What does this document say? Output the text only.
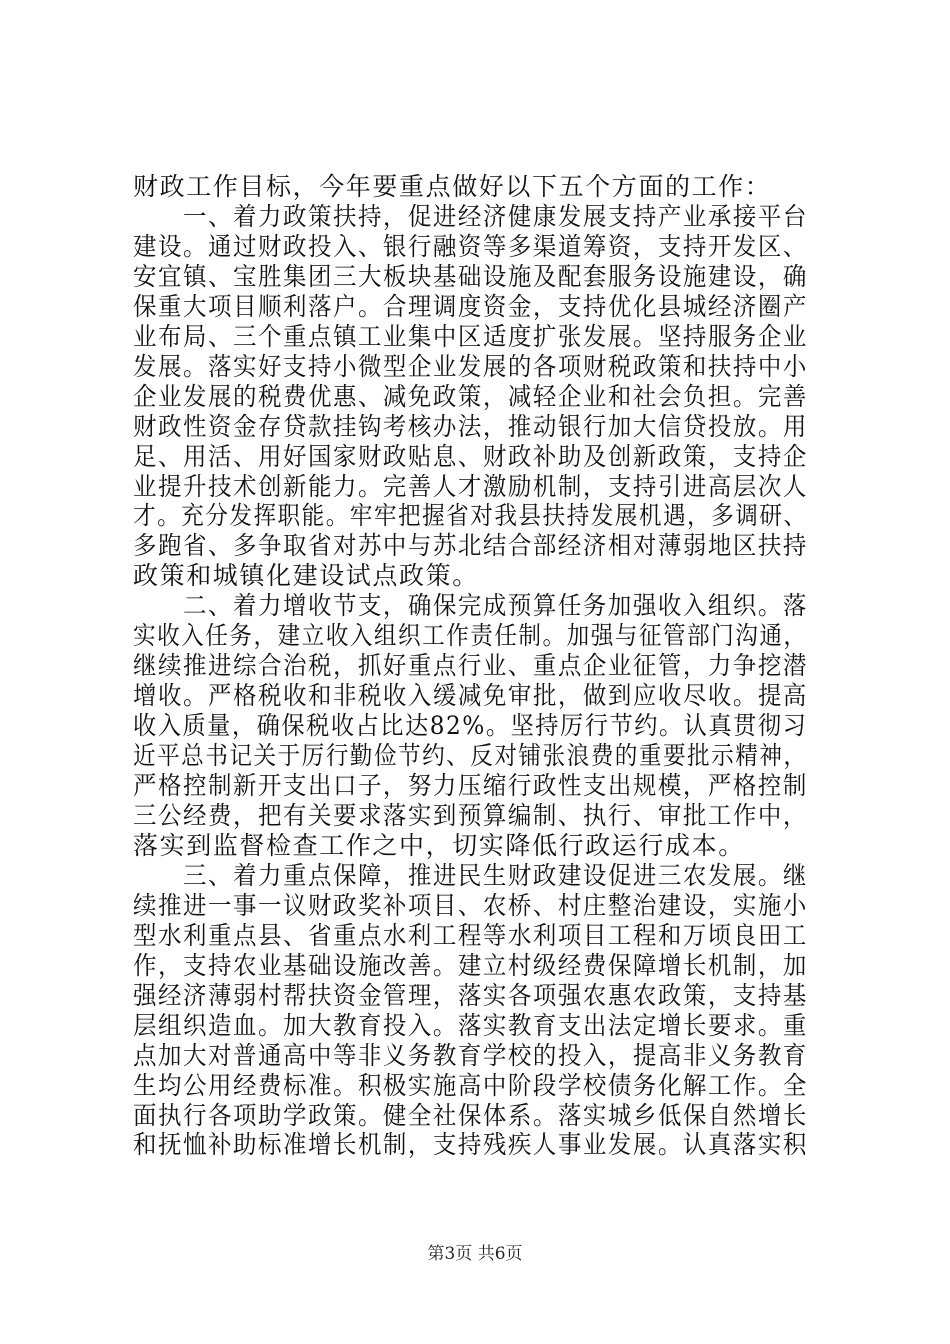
财政工作目标，今年要重点做好以下五个方面的工作：
　　一、着力政策扶持，促进经济健康发展支持产业承接平台
建设。通过财政投入、银行融资等多渠道筹资，支持开发区、
安宜镇、宝胜集团三大板块基础设施及配套服务设施建设，确
保重大项目顺利落户。合理调度资金，支持优化县城经济圈产
业布局、三个重点镇工业集中区适度扩张发展。坚持服务企业
发展。落实好支持小微型企业发展的各项财税政策和扶持中小
企业发展的税费优惠、减免政策，减轻企业和社会负担。完善
财政性资金存贷款挂钩考核办法，推动银行加大信贷投放。用
足、用活、用好国家财政贴息、财政补助及创新政策，支持企
业提升技术创新能力。完善人才激励机制，支持引进高层次人
才。充分发挥职能。牢牢把握省对我县扶持发展机遇，多调研、
多跑省、多争取省对苏中与苏北结合部经济相对薄弱地区扶持
政策和城镇化建设试点政策。
　　二、着力增收节支，确保完成预算任务加强收入组织。落
实收入任务，建立收入组织工作责任制。加强与征管部门沟通，
继续推进综合治税，抓好重点行业、重点企业征管，力争挖潜
增收。严格税收和非税收入缓减免审批，做到应收尽收。提高
收入质量，确保税收占比达82%。坚持厉行节约。认真贯彻习
近平总书记关于厉行勤俭节约、反对铺张浪费的重要批示精神，
严格控制新开支出口子，努力压缩行政性支出规模，严格控制
三公经费，把有关要求落实到预算编制、执行、审批工作中，
落实到监督检查工作之中，切实降低行政运行成本。
　　三、着力重点保障，推进民生财政建设促进三农发展。继
续推进一事一议财政奖补项目、农桥、村庄整治建设，实施小
型水利重点县、省重点水利工程等水利项目工程和万顷良田工
作，支持农业基础设施改善。建立村级经费保障增长机制，加
强经济薄弱村帮扶资金管理，落实各项强农惠农政策，支持基
层组织造血。加大教育投入。落实教育支出法定增长要求。重
点加大对普通高中等非义务教育学校的投入，提高非义务教育
生均公用经费标准。积极实施高中阶段学校债务化解工作。全
面执行各项助学政策。健全社保体系。落实城乡低保自然增长
和抚恤补助标准增长机制，支持残疾人事业发展。认真落实积
第3页 共6页
